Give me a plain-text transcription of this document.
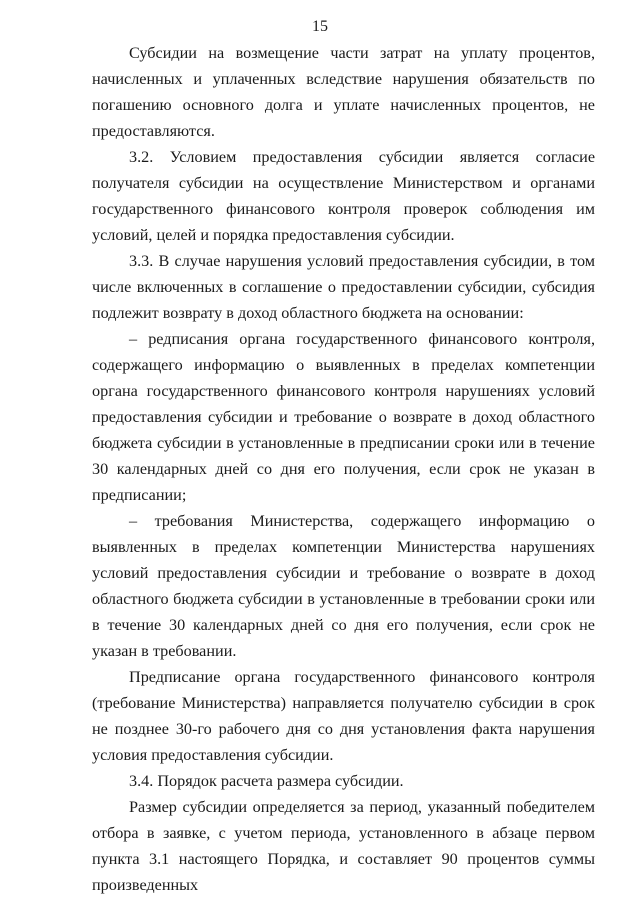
15

Субсидии на возмещение части затрат на уплату процентов, начисленных и уплаченных вследствие нарушения обязательств по погашению основного долга и уплате начисленных процентов, не предоставляются.

3.2. Условием предоставления субсидии является согласие получателя субсидии на осуществление Министерством и органами государственного финансового контроля проверок соблюдения им условий, целей и порядка предоставления субсидии.

3.3. В случае нарушения условий предоставления субсидии, в том числе включенных в соглашение о предоставлении субсидии, субсидия подлежит возврату в доход областного бюджета на основании:

– редписания органа государственного финансового контроля, содержащего информацию о выявленных в пределах компетенции органа государственного финансового контроля нарушениях условий предоставления субсидии и требование о возврате в доход областного бюджета субсидии в установленные в предписании сроки или в течение 30 календарных дней со дня его получения, если срок не указан в предписании;

– требования Министерства, содержащего информацию о выявленных в пределах компетенции Министерства нарушениях условий предоставления субсидии и требование о возврате в доход областного бюджета субсидии в установленные в требовании сроки или в течение 30 календарных дней со дня его получения, если срок не указан в требовании.

Предписание органа государственного финансового контроля (требование Министерства) направляется получателю субсидии в срок не позднее 30-го рабочего дня со дня установления факта нарушения условия предоставления субсидии.

3.4. Порядок расчета размера субсидии.

Размер субсидии определяется за период, указанный победителем отбора в заявке, с учетом периода, установленного в абзаце первом пункта 3.1 настоящего Порядка, и составляет 90 процентов суммы произведенных
